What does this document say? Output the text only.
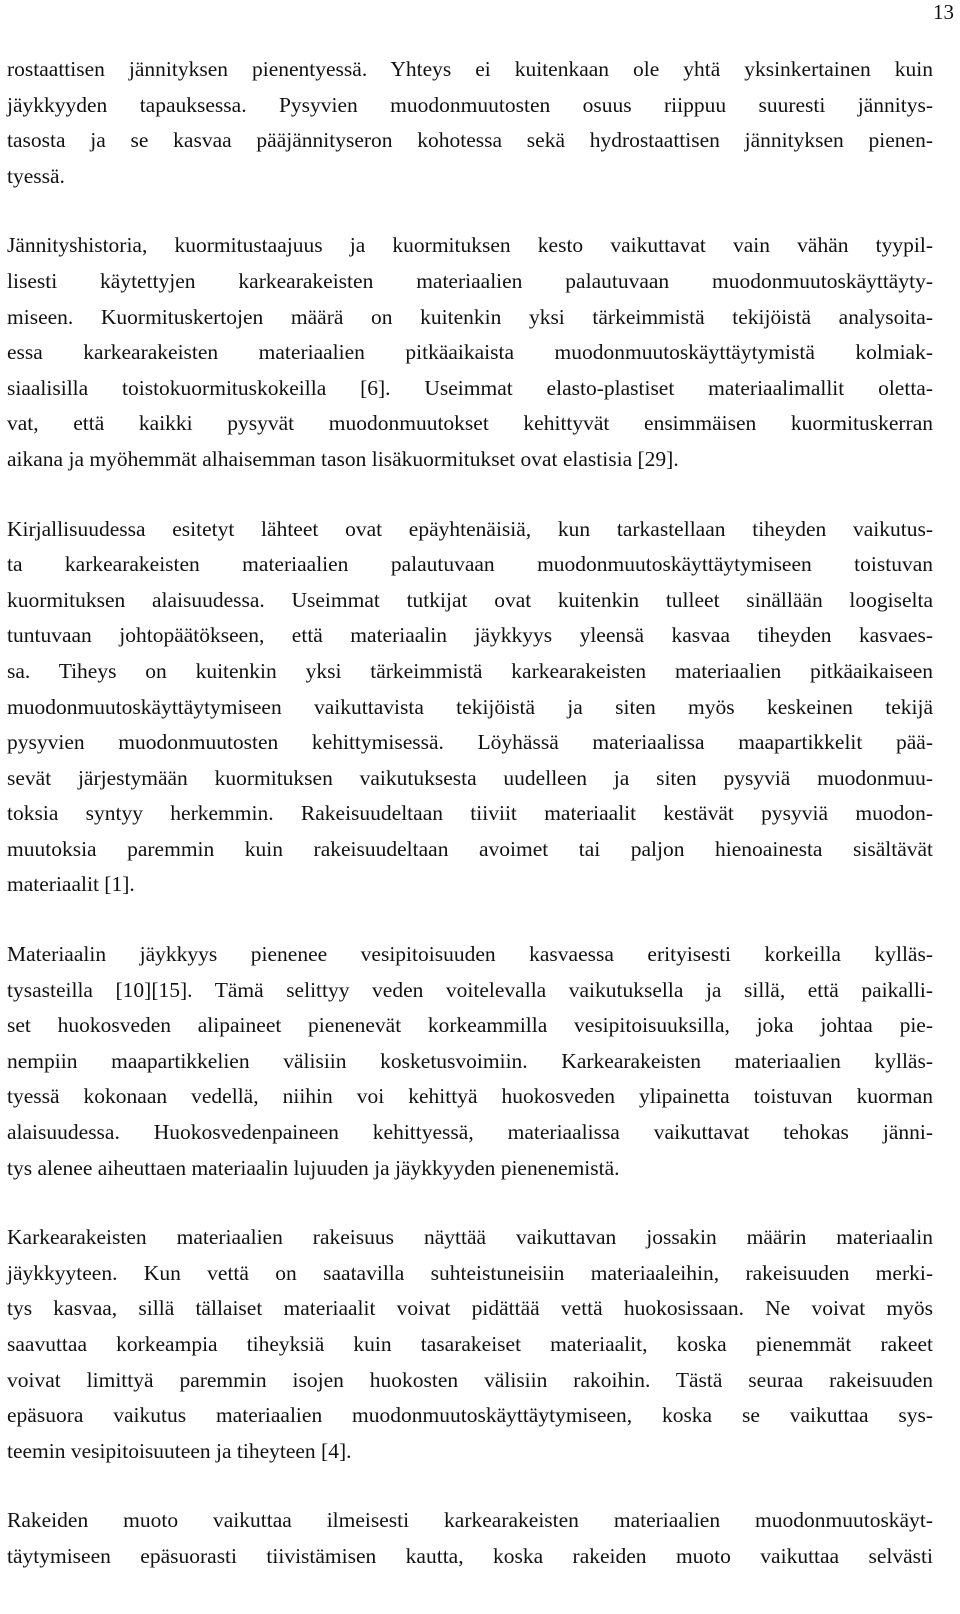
13
rostaattisen jännityksen pienentyessä. Yhteys ei kuitenkaan ole yhtä yksinkertainen kuin
jäykkyyden tapauksessa. Pysyvien muodonmuutosten osuus riippuu suuresti jännitys-
tasosta ja se kasvaa pääjännityseron kohotessa sekä hydrostaattisen jännityksen pienen-
tyessä.
Jännityshistoria, kuormitustaajuus ja kuormituksen kesto vaikuttavat vain vähän tyypil-
lisesti käytettyjen karkearakeisten materiaalien palautuvaan muodonmuutoskäyttäyty-
miseen. Kuormituskertojen määrä on kuitenkin yksi tärkeimmistä tekijöistä analysoita-
essa karkearakeisten materiaalien pitkäaikaista muodonmuutoskäyttäytymistä kolmiak-
siaalisilla toistokuormituskokeilla [6]. Useimmat elasto-plastiset materiaalimallit oletta-
vat, että kaikki pysyvät muodonmuutokset kehittyvät ensimmäisen kuormituskerran
aikana ja myöhemmät alhaisemman tason lisäkuormitukset ovat elastisia [29].
Kirjallisuudessa esitetyt lähteet ovat epäyhtenäisiä, kun tarkastellaan tiheyden vaikutus-
ta karkearakeisten materiaalien palautuvaan muodonmuutoskäyttäytymiseen toistuvan
kuormituksen alaisuudessa. Useimmat tutkijat ovat kuitenkin tulleet sinällään loogiselta
tuntuvaan johtopäätökseen, että materiaalin jäykkyys yleensä kasvaa tiheyden kasvaes-
sa. Tiheys on kuitenkin yksi tärkeimmistä karkearakeisten materiaalien pitkäaikaiseen
muodonmuutoskäyttäytymiseen vaikuttavista tekijöistä ja siten myös keskeinen tekijä
pysyvien muodonmuutosten kehittymisessä. Löyhässä materiaalissa maapartikkelit pää-
sevät järjestymään kuormituksen vaikutuksesta uudelleen ja siten pysyviä muodonmuu-
toksia syntyy herkemmin. Rakeisuudeltaan tiiviit materiaalit kestävät pysyviä muodon-
muutoksia paremmin kuin rakeisuudeltaan avoimet tai paljon hienoainesta sisältävät
materiaalit [1].
Materiaalin jäykkyys pienenee vesipitoisuuden kasvaessa erityisesti korkeilla kylläs-
tysasteilla [10][15]. Tämä selittyy veden voitelevalla vaikutuksella ja sillä, että paikalli-
set huokosveden alipaineet pienenevät korkeammilla vesipitoisuuksilla, joka johtaa pie-
nempiin maapartikkelien välisiin kosketusvoimiin. Karkearakeisten materiaalien kylläs-
tyessä kokonaan vedellä, niihin voi kehittyä huokosveden ylipainetta toistuvan kuorman
alaisuudessa. Huokosvedenpaineen kehittyessä, materiaalissa vaikuttavat tehokas jänni-
tys alenee aiheuttaen materiaalin lujuuden ja jäykkyyden pienenemistä.
Karkearakeisten materiaalien rakeisuus näyttää vaikuttavan jossakin määrin materiaalin
jäykkyyteen. Kun vettä on saatavilla suhteistuneisiin materiaaleihin, rakeisuuden merki-
tys kasvaa, sillä tällaiset materiaalit voivat pidättää vettä huokosissaan. Ne voivat myös
saavuttaa korkeampia tiheyksiä kuin tasarakeiset materiaalit, koska pienemmät rakeet
voivat limittyä paremmin isojen huokosten välisiin rakoihin. Tästä seuraa rakeisuuden
epäsuora vaikutus materiaalien muodonmuutoskäyttäytymiseen, koska se vaikuttaa sys-
teemin vesipitoisuuteen ja tiheyteen [4].
Rakeiden muoto vaikuttaa ilmeisesti karkearakeisten materiaalien muodonmuutoskäyt-
täytymiseen epäsuorasti tiivistämisen kautta, koska rakeiden muoto vaikuttaa selvästi
